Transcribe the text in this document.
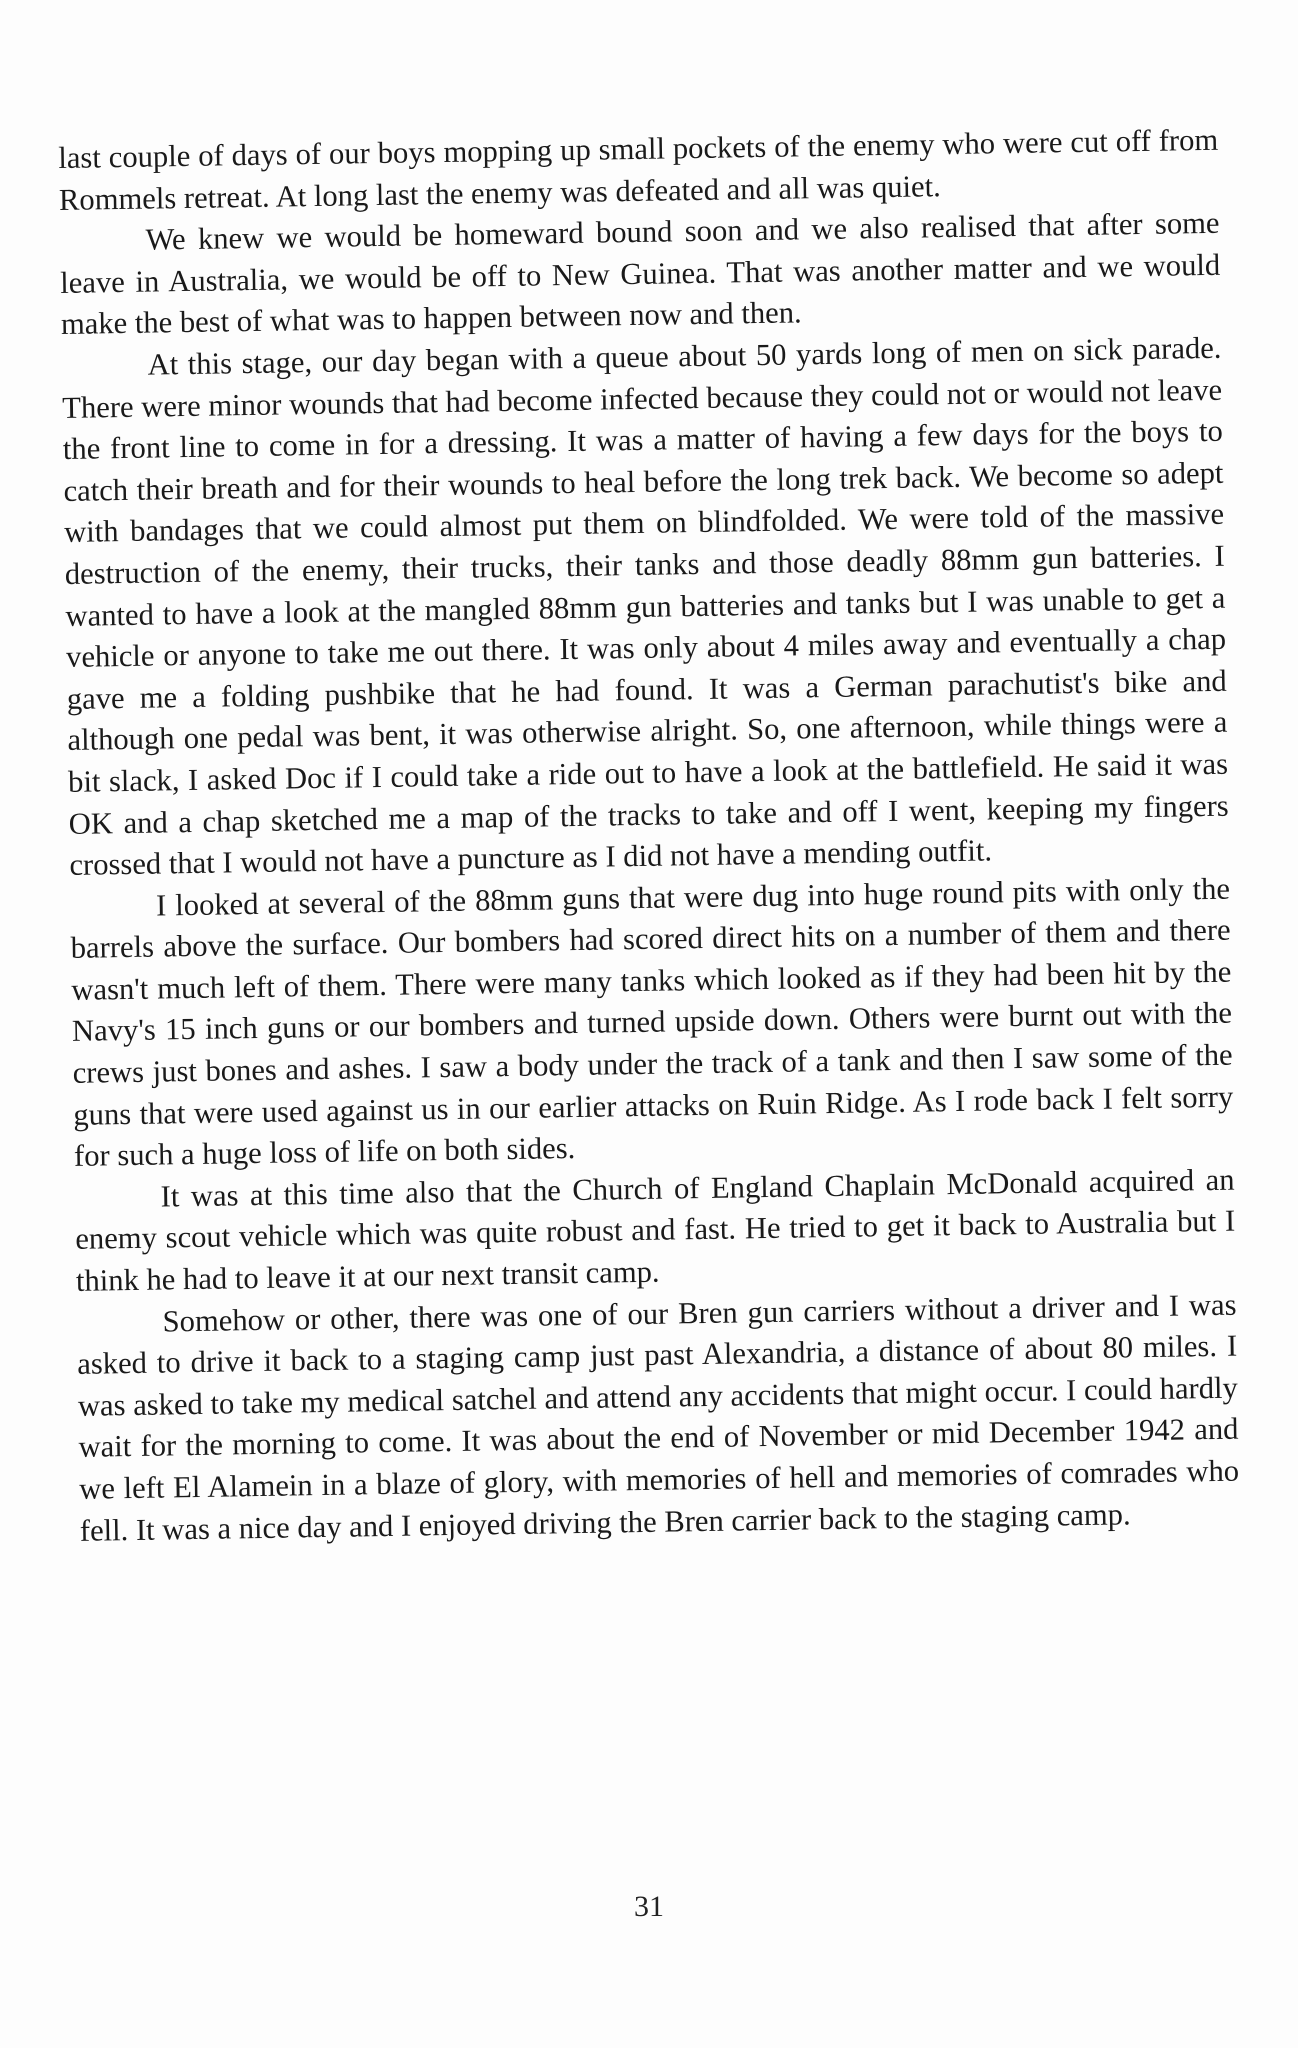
last couple of days of our boys mopping up small pockets of the enemy who were cut off from Rommels retreat. At long last the enemy was defeated and all was quiet.

We knew we would be homeward bound soon and we also realised that after some leave in Australia, we would be off to New Guinea. That was another matter and we would make the best of what was to happen between now and then.

At this stage, our day began with a queue about 50 yards long of men on sick parade. There were minor wounds that had become infected because they could not or would not leave the front line to come in for a dressing. It was a matter of having a few days for the boys to catch their breath and for their wounds to heal before the long trek back. We become so adept with bandages that we could almost put them on blindfolded. We were told of the massive destruction of the enemy, their trucks, their tanks and those deadly 88mm gun batteries. I wanted to have a look at the mangled 88mm gun batteries and tanks but I was unable to get a vehicle or anyone to take me out there. It was only about 4 miles away and eventually a chap gave me a folding pushbike that he had found. It was a German parachutist's bike and although one pedal was bent, it was otherwise alright. So, one afternoon, while things were a bit slack, I asked Doc if I could take a ride out to have a look at the battlefield. He said it was OK and a chap sketched me a map of the tracks to take and off I went, keeping my fingers crossed that I would not have a puncture as I did not have a mending outfit.

I looked at several of the 88mm guns that were dug into huge round pits with only the barrels above the surface. Our bombers had scored direct hits on a number of them and there wasn't much left of them. There were many tanks which looked as if they had been hit by the Navy's 15 inch guns or our bombers and turned upside down. Others were burnt out with the crews just bones and ashes. I saw a body under the track of a tank and then I saw some of the guns that were used against us in our earlier attacks on Ruin Ridge. As I rode back I felt sorry for such a huge loss of life on both sides.

It was at this time also that the Church of England Chaplain McDonald acquired an enemy scout vehicle which was quite robust and fast. He tried to get it back to Australia but I think he had to leave it at our next transit camp.

Somehow or other, there was one of our Bren gun carriers without a driver and I was asked to drive it back to a staging camp just past Alexandria, a distance of about 80 miles. I was asked to take my medical satchel and attend any accidents that might occur. I could hardly wait for the morning to come. It was about the end of November or mid December 1942 and we left El Alamein in a blaze of glory, with memories of hell and memories of comrades who fell. It was a nice day and I enjoyed driving the Bren carrier back to the staging camp.

31
